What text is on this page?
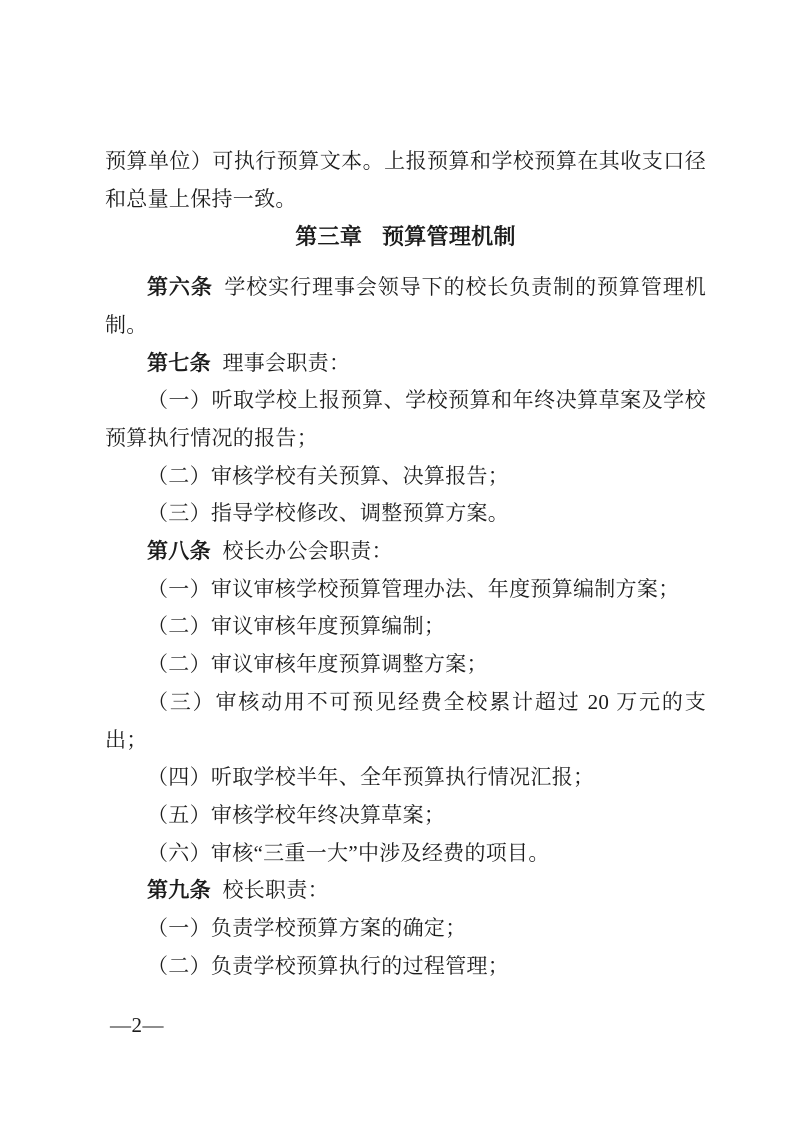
预算单位）可执行预算文本。上报预算和学校预算在其收支口径和总量上保持一致。

第三章 预算管理机制

第六条 学校实行理事会领导下的校长负责制的预算管理机制。

第七条 理事会职责：

（一）听取学校上报预算、学校预算和年终决算草案及学校预算执行情况的报告；

（二）审核学校有关预算、决算报告；

（三）指导学校修改、调整预算方案。

第八条 校长办公会职责：

（一）审议审核学校预算管理办法、年度预算编制方案；

（二）审议审核年度预算编制；

（二）审议审核年度预算调整方案；

（三）审核动用不可预见经费全校累计超过 20 万元的支出；

（四）听取学校半年、全年预算执行情况汇报；

（五）审核学校年终决算草案；

（六）审核“三重一大”中涉及经费的项目。

第九条 校长职责：

（一）负责学校预算方案的确定；

（二）负责学校预算执行的过程管理；

—2—
